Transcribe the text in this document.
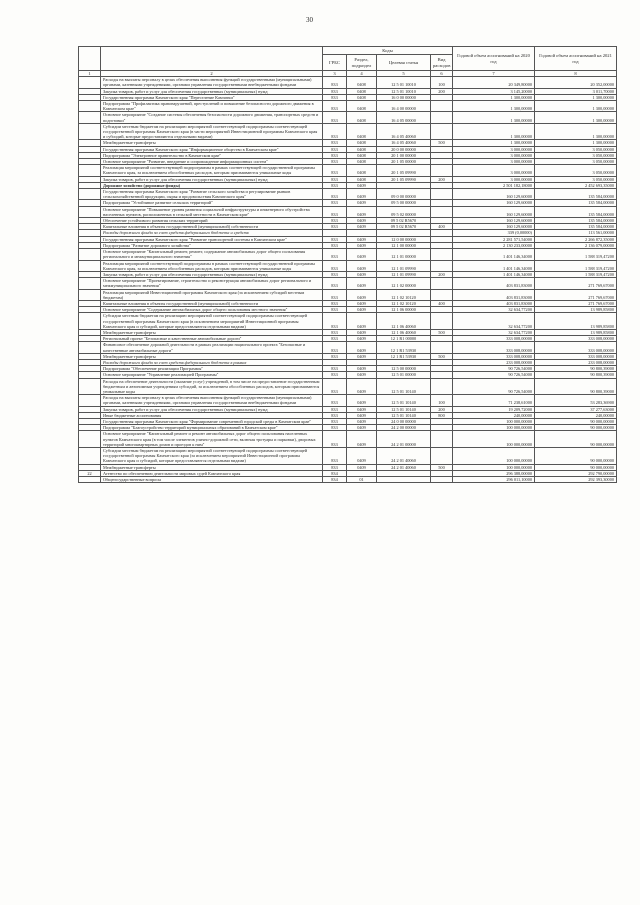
30
		Коды				Годовой объем ассигнований на 2020 год	Годовой объем ассигнований на 2021 год
		ГРБС	Раздел, подраздел	Целевая статья	Вид расходов		
1	2	3	4	5	6	7	8
	Расходы на выплаты персоналу в целях обеспечения выполнения функций государственными (муниципальными) органами, казенными учреждениями, органами управления государственными внебюджетными фондами	833	0408	12 5 01 10010	100	20 349,80000	20 352,00000
	Закупка товаров, работ и услуг для обеспечения государственных (муниципальных) нужд	833	0408	12 5 01 10010	200	3 145,20000	3 011,70000
	Государственная программа Камчатского края "Переселение Камчатки"	833	0408	16 0 00 00000		1 300,00000	1 300,00000
	Подпрограмма "Профилактика правонарушений, преступлений и повышение безопасности дорожного движения в Камчатском крае"	833	0408	16 4 00 00000		1 300,00000	1 300,00000
	Основное мероприятие "Создание системы обеспечения безопасности дорожного движения, транспортных средств и подготовки"	833	0408	16 4 05 00000		1 300,00000	1 300,00000
	Субсидии местным бюджетам на реализацию мероприятий соответствующей подпрограммы соответствующей государственной программы Камчатского края (в части мероприятий Инвестиционной программы Камчатского края и субсидий, которые предоставляются отдельными видами)	833	0408	16 4 05 40060		1 300,00000	1 300,00000
	Межбюджетные трансферты	833	0408	16 4 05 40060	500	1 300,00000	1 300,00000
	Государственная программа Камчатского края "Информационное общество в Камчатском крае"	833	0408	20 0 00 00000		3 000,00000	3 050,00000
	Подпрограмма "Электронное правительство в Камчатском крае"	833	0408	20 1 00 00000		3 000,00000	3 050,00000
	Основное мероприятие "Развитие, внедрение и сопровождение информационных систем"	833	0408	20 1 05 00000		3 000,00000	3 050,00000
	Реализация мероприятий соответствующей подпрограммы в рамках соответствующей государственной программы Камчатского края, за исключением обособленных расходов, которым присваиваются уникальные коды	833	0408	20 1 05 09990		3 000,00000	3 050,00000
	Закупка товаров, работ и услуг для обеспечения государственных (муниципальных) нужд	833	0408	20 1 05 09990	200	3 000,00000	3 050,00000
	Дорожное хозяйство (дорожные фонды)	833	0409			2 501 182,18000	2 452 693,35000
	Государственная программа Камчатского края "Развитие сельского хозяйства и регулирование рынков сельскохозяйственной продукции, сырья и продовольствия Камчатского края"	833	0409	09 0 00 00000		160 129,60000	135 584,00000
	Подпрограмма "Устойчивое развитие сельских территорий"	833	0409	09 5 00 00000		160 129,60000	135 584,00000
	Основное мероприятие "Повышение уровня развития социальной инфраструктуры и инженерного обустройства населенных пунктов, расположенных в сельской местности в Камчатском крае"	833	0409	09 5 02 00000		160 129,60000	135 584,00000
	Обеспечение устойчивого развития сельских территорий	833	0409	09 5 02 R5670		160 129,60000	135 584,00000
	Капитальные вложения в объекты государственной (муниципальной) собственности	833	0409	09 5 02 R5670	400	160 129,60000	135 584,00000
	Расходы дорожного фонда за счет средств федерального бюджета и средств					339 (0,00000)	113 561,00000
	Государственная программа Камчатского края "Развитие транспортной системы в Камчатском крае"	833	0409	12 0 00 00000		2 281 571,54000	2 266 872,35000
	Подпрограмма "Развитие дорожного хозяйства"	833	0409	12 1 00 00000		2 130 233,00000	2 136 079,00000
	Основное мероприятие "Капитальный ремонт, ремонт, содержание автомобильных дорог общего пользования регионального и межмуниципального значения"	833	0409	12 1 01 00000		1 401 146,34000	1 588 319,47200
	Реализация мероприятий соответствующей подпрограммы в рамках соответствующей государственной программы Камчатского края, за исключением обособленных расходов, которым присваиваются уникальные коды	833	0409	12 1 01 09990		1 401 146,34000	1 588 319,47200
	Закупка товаров, работ и услуг для обеспечения государственных (муниципальных) нужд	833	0409	12 1 01 09990	200	1 401 146,34000	1 588 319,47200
	Основное мероприятие "Проектирование, строительство и реконструкция автомобильных дорог регионального и межмуниципального значения"	833	0409	12 1 02 00000		403 831,83000	271 769,67000
	Реализация мероприятий Инвестиционной программы Камчатского края (за исключением субсидий местным бюджетам)	833	0409	12 1 02 10120		403 831,83000	271 769,67000
	Капитальные вложения в объекты государственной (муниципальной) собственности	833	0409	12 1 02 10120	400	403 831,83000	271 769,67000
	Основное мероприятие "Содержание автомобильных дорог общего пользования местного значения"	833	0409	12 1 06 00000		32 634,77200	13 989,85800
	Субсидии местным бюджетам на реализацию мероприятий соответствующей подпрограммы соответствующей государственной программы Камчатского края (в исключением мероприятий Инвестиционной программы Камчатского края и субсидий, которые предоставляются отдельными видами)	833	0409	12 1 06 40060		32 634,77200	13 989,85800
	Межбюджетные трансферты	833	0409	12 1 06 40060	500	32 634,77200	13 989,85800
	Региональный проект "Безопасные и качественные автомобильные дороги"	833	0409	12 1 R1 00000		333 008,00000	333 008,00000
	Финансовое обеспечение дорожной деятельности в рамках реализации национального проекта "Безопасные и качественные автомобильные дороги"	833	0409	12 1 R1 53930		333 008,00000	333 008,00000
	Межбюджетные трансферты	833	0409	12 1 R1 53930	500	333 008,00000	333 008,00000
	Расходы дорожного фонда за счет средств федерального бюджета в рамках					233 008,00000	233 008,00000
	Подпрограмма "Обеспечение реализации Программы"	833	0409	12 5 00 00000		90 726,54000	90 800,39000
	Основное мероприятие "Управление реализацией Программы"	833	0409	12 5 01 00000		90 726,54000	90 800,39000
	Расходы на обеспечение деятельности (оказание услуг) учреждений, в том числе на предоставление государственным бюджетным и автономным учреждениям субсидий, за исключением обособленных расходов, которым присваиваются уникальные коды	833	0409	12 5 01 10140		90 726,54000	90 800,39000
	Расходы на выплаты персоналу в целях обеспечения выполнения функций государственными (муниципальными) органами, казенными учреждениями, органами управления государственными внебюджетными фондами	833	0409	12 5 01 10140	100	71 238,61000	53 283,36900
	Закупка товаров, работ и услуг для обеспечения государственных (муниципальных) нужд	833	0409	12 5 01 10140	200	19 209,72000	37 277,63000
	Иные бюджетные ассигнования	833	0409	12 5 01 10140	800	240,00000	240,00000
	Государственная программа Камчатского края "Формирование современной городской среды в Камчатском крае"	833	0409	24 0 00 00000		100 000,00000	90 000,00000
	Подпрограмма "Благоустройство территорий муниципальных образований в Камчатском крае"	833	0409	24 2 00 00000		100 000,00000	90 000,00000
	Основное мероприятие "Капитальный ремонт и ремонт автомобильных дорог общего пользования населенных пунктов Камчатского края (в том числе элементов улично-дорожной сети, включая тротуары и парковки), дворовых территорий многоквартирных домов и проездов к ним"	833	0409	24 2 01 00000		100 000,00000	90 000,00000
	Субсидии местным бюджетам на реализацию мероприятий соответствующей подпрограммы соответствующей государственной программы Камчатского края (за исключением мероприятий Инвестиционной программы Камчатского края и субсидий, которые предоставляются отдельными видами)	833	0409	24 2 01 40060		100 000,00000	90 000,00000
	Межбюджетные трансферты	833	0409	24 2 01 40060	500	100 000,00000	90 000,00000
22	Агентство по обеспечению деятельности мировых судей Камчатского края	834				296 388,00000	292 790,00000
	Общегосударственные вопросы	834	01			296 011,10000	292 393,30000
